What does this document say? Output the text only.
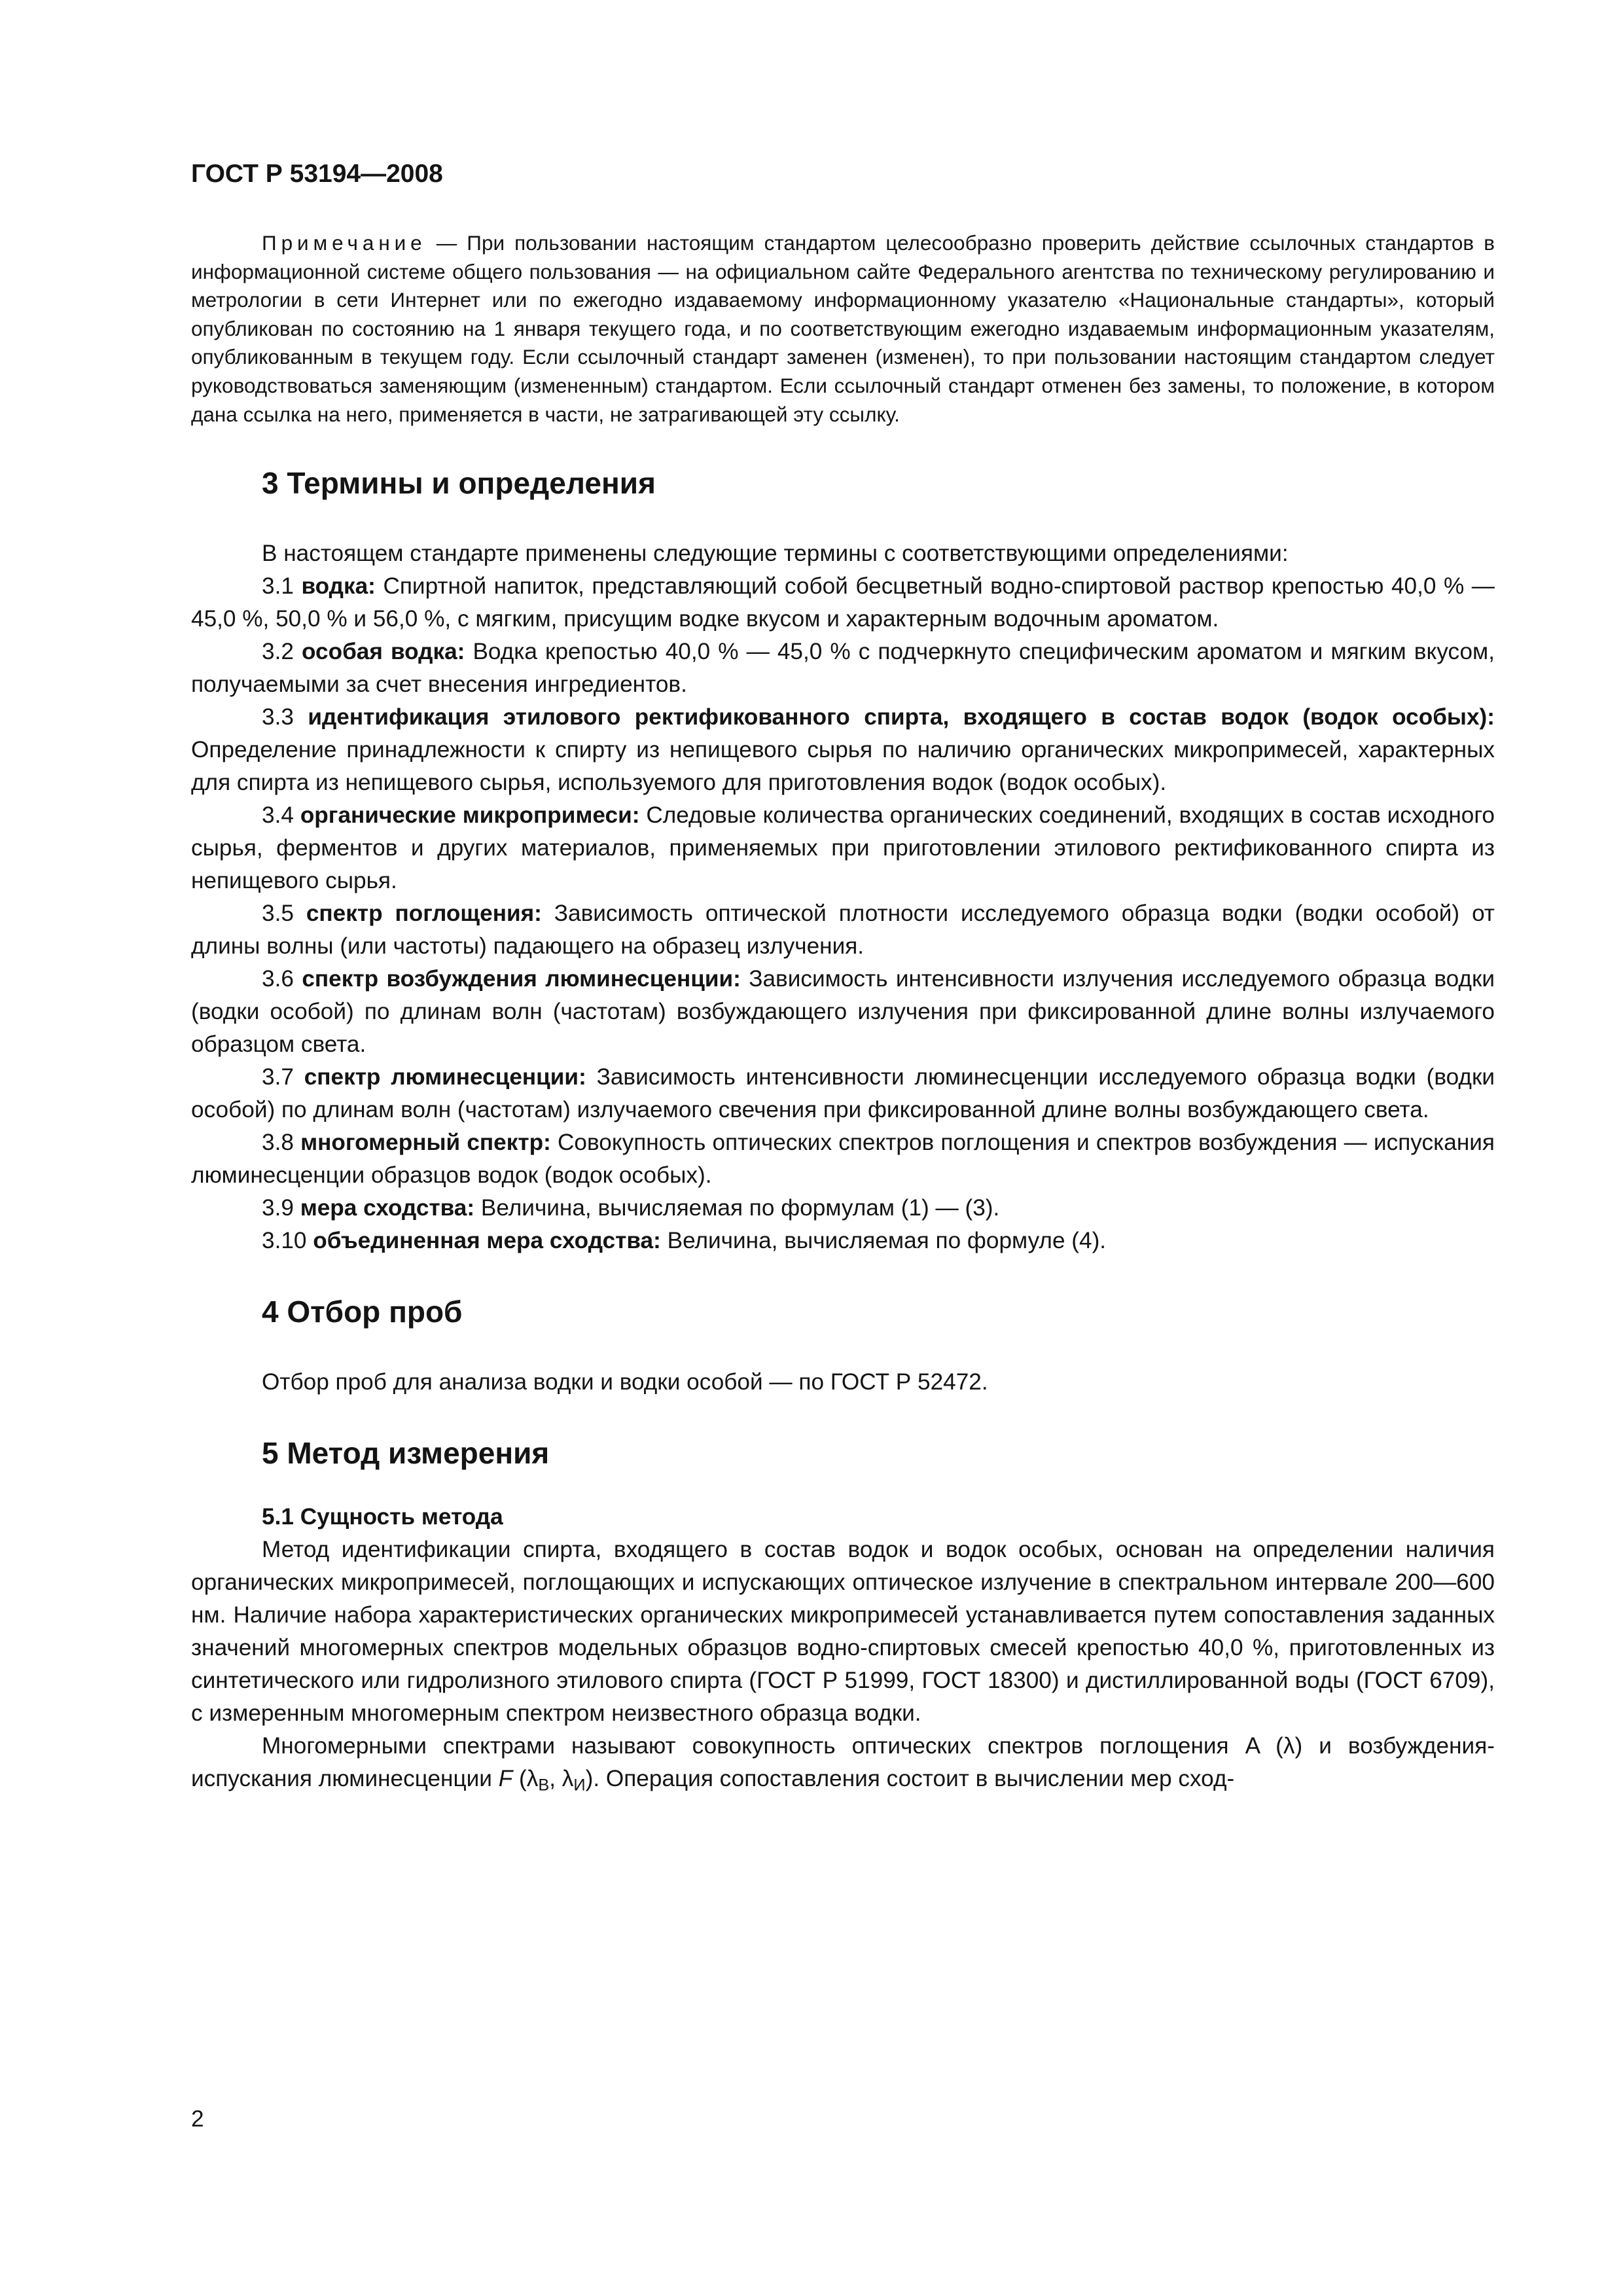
ГОСТ Р 53194—2008

Примечание — При пользовании настоящим стандартом целесообразно проверить действие ссылочных стандартов в информационной системе общего пользования — на официальном сайте Федерального агентства по техническому регулированию и метрологии в сети Интернет или по ежегодно издаваемому информационному указателю «Национальные стандарты», который опубликован по состоянию на 1 января текущего года, и по соответствующим ежегодно издаваемым информационным указателям, опубликованным в текущем году. Если ссылочный стандарт заменен (изменен), то при пользовании настоящим стандартом следует руководствоваться заменяющим (измененным) стандартом. Если ссылочный стандарт отменен без замены, то положение, в котором дана ссылка на него, применяется в части, не затрагивающей эту ссылку.

3 Термины и определения

В настоящем стандарте применены следующие термины с соответствующими определениями:

3.1 водка: Спиртной напиток, представляющий собой бесцветный водно-спиртовой раствор крепостью 40,0 % — 45,0 %, 50,0 % и 56,0 %, с мягким, присущим водке вкусом и характерным водочным ароматом.

3.2 особая водка: Водка крепостью 40,0 % — 45,0 % с подчеркнуто специфическим ароматом и мягким вкусом, получаемыми за счет внесения ингредиентов.

3.3 идентификация этилового ректификованного спирта, входящего в состав водок (водок особых): Определение принадлежности к спирту из непищевого сырья по наличию органических микропримесей, характерных для спирта из непищевого сырья, используемого для приготовления водок (водок особых).

3.4 органические микропримеси: Следовые количества органических соединений, входящих в состав исходного сырья, ферментов и других материалов, применяемых при приготовлении этилового ректификованного спирта из непищевого сырья.

3.5 спектр поглощения: Зависимость оптической плотности исследуемого образца водки (водки особой) от длины волны (или частоты) падающего на образец излучения.

3.6 спектр возбуждения люминесценции: Зависимость интенсивности излучения исследуемого образца водки (водки особой) по длинам волн (частотам) возбуждающего излучения при фиксированной длине волны излучаемого образцом света.

3.7 спектр люминесценции: Зависимость интенсивности люминесценции исследуемого образца водки (водки особой) по длинам волн (частотам) излучаемого свечения при фиксированной длине волны возбуждающего света.

3.8 многомерный спектр: Совокупность оптических спектров поглощения и спектров возбуждения — испускания люминесценции образцов водок (водок особых).

3.9 мера сходства: Величина, вычисляемая по формулам (1) — (3).

3.10 объединенная мера сходства: Величина, вычисляемая по формуле (4).

4 Отбор проб

Отбор проб для анализа водки и водки особой — по ГОСТ Р 52472.

5 Метод измерения
5.1 Сущность метода

Метод идентификации спирта, входящего в состав водок и водок особых, основан на определении наличия органических микропримесей, поглощающих и испускающих оптическое излучение в спектральном интервале 200—600 нм. Наличие набора характеристических органических микропримесей устанавливается путем сопоставления заданных значений многомерных спектров модельных образцов водно-спиртовых смесей крепостью 40,0 %, приготовленных из синтетического или гидролизного этилового спирта (ГОСТ Р 51999, ГОСТ 18300) и дистиллированной воды (ГОСТ 6709), с измеренным многомерным спектром неизвестного образца водки.

Многомерными спектрами называют совокупность оптических спектров поглощения A (λ) и возбуждения-испускания люминесценции F ($\lambda_В$, $\lambda_И$). Операция сопоставления состоит в вычислении мер сход-

2
